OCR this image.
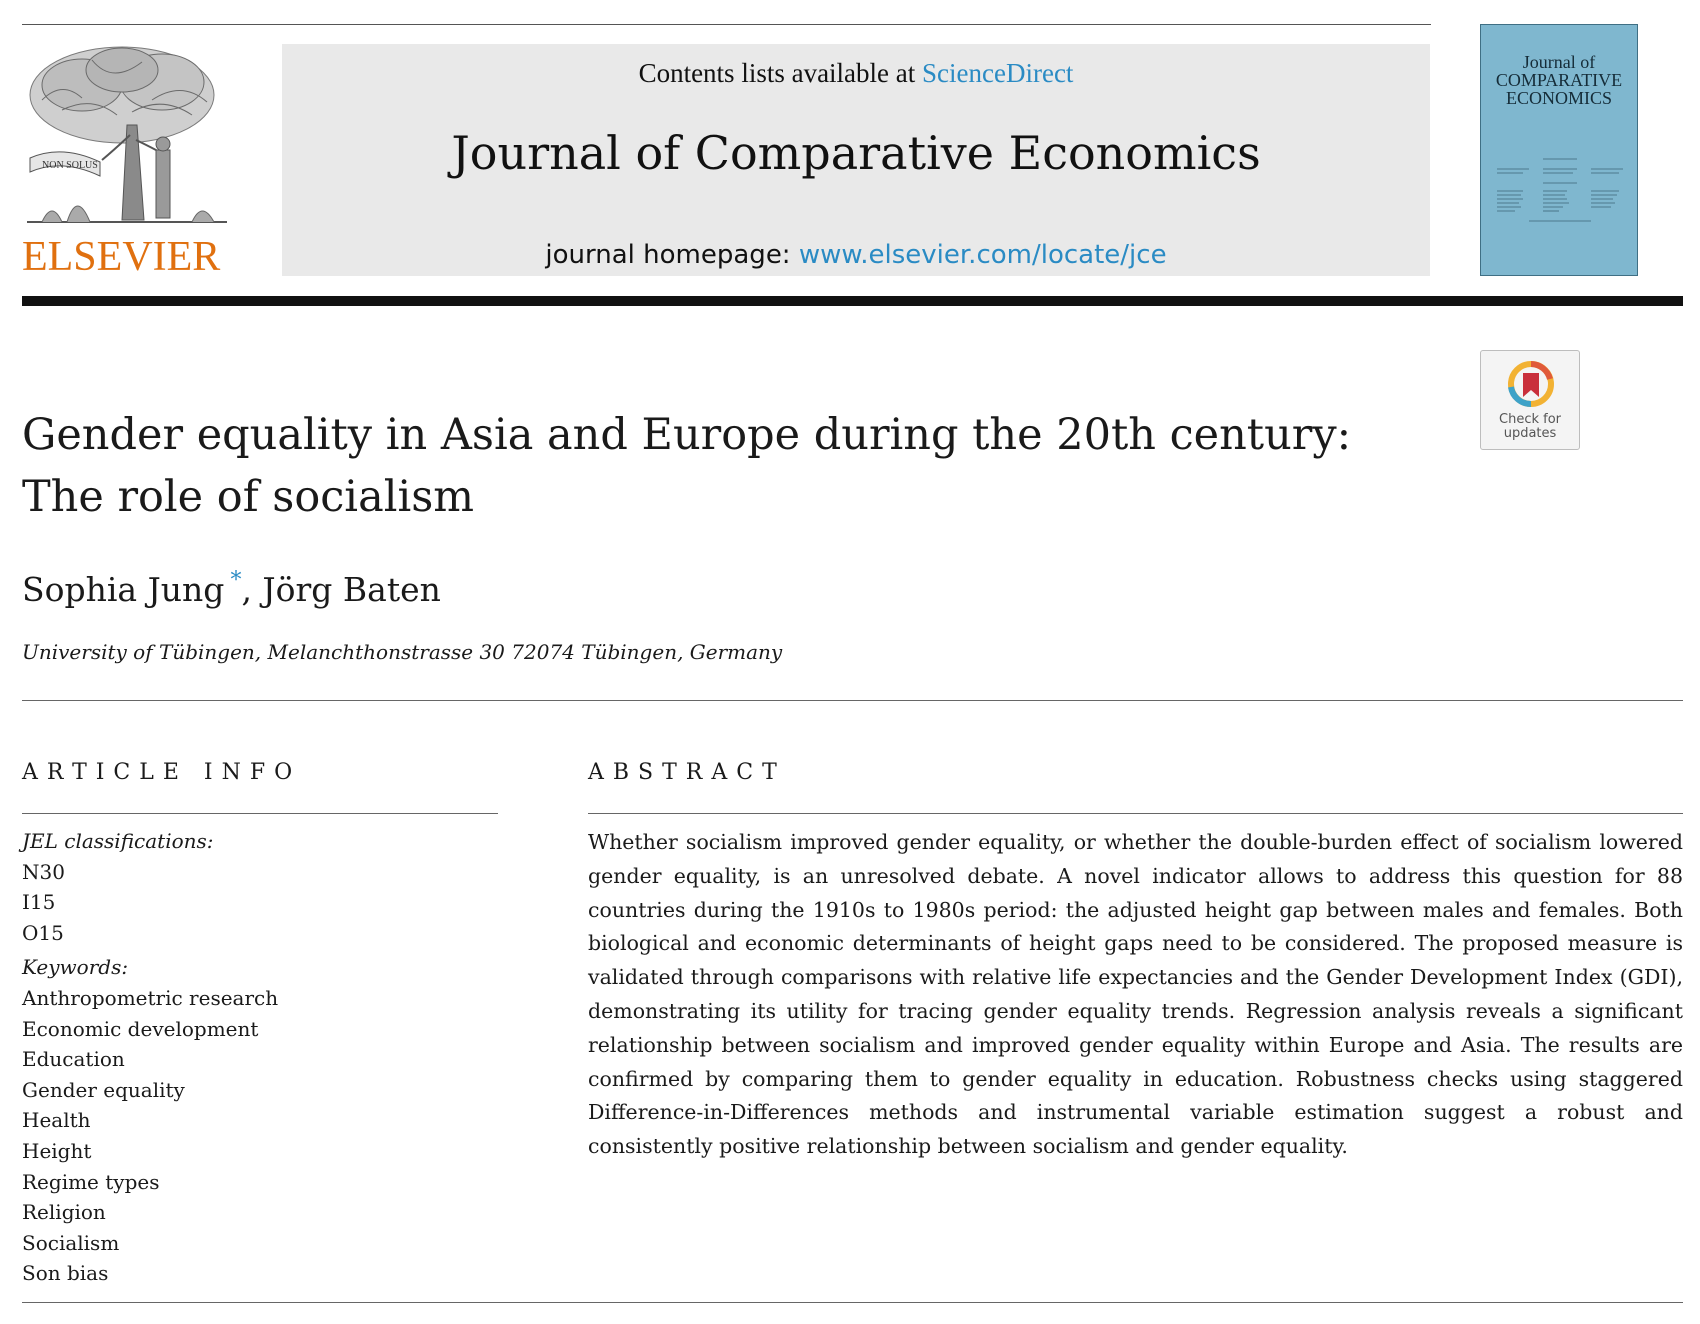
NON SOLUS
ELSEVIER
Contents lists available at ScienceDirect
Journal of Comparative Economics
journal homepage: www.elsevier.com/locate/jce
Journal of
COMPARATIVE
ECONOMICS
Check for
updates
Gender equality in Asia and Europe during the 20th century: The role of socialism
Sophia Jung *, Jörg Baten
University of Tübingen, Melanchthonstrasse 30 72074 Tübingen, Germany
ARTICLE INFO	ABSTRACT
JEL classifications:
N30
I15
O15
Keywords:
Anthropometric research
Economic development
Education
Gender equality
Health
Height
Regime types
Religion
Socialism
Son bias

Whether socialism improved gender equality, or whether the double-burden effect of socialism lowered gender equality, is an unresolved debate. A novel indicator allows to address this question for 88 countries during the 1910s to 1980s period: the adjusted height gap between males and females. Both biological and economic determinants of height gaps need to be considered. The proposed measure is validated through comparisons with relative life expectancies and the Gender Development Index (GDI), demonstrating its utility for tracing gender equality trends. Regression analysis reveals a significant relationship between socialism and improved gender equality within Europe and Asia. The results are confirmed by comparing them to gender equality in education. Robustness checks using staggered Difference-in-Differences methods and instrumental variable estimation suggest a robust and consistently positive relationship between socialism and gender equality.
